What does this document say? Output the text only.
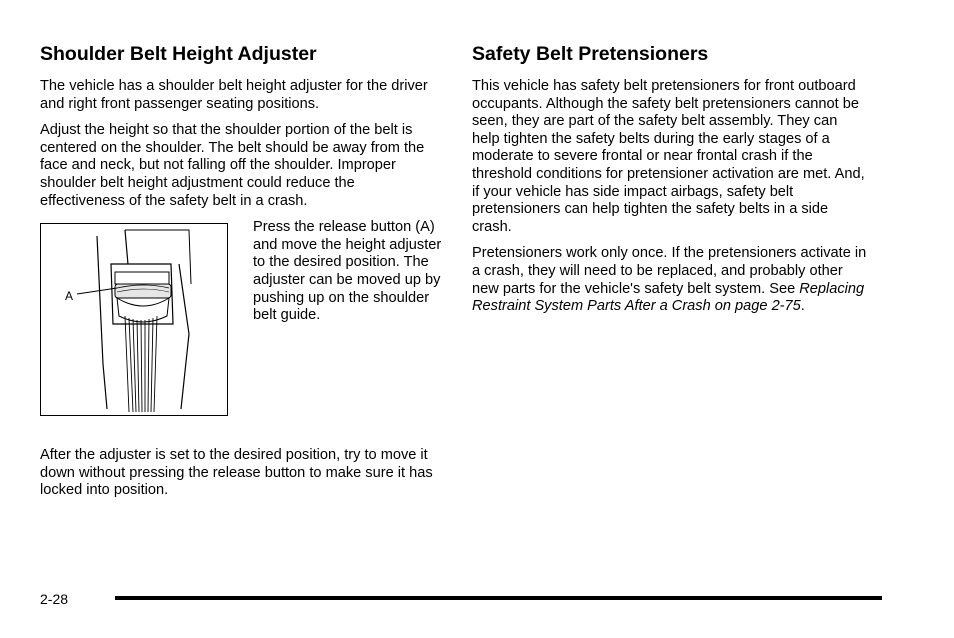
Shoulder Belt Height Adjuster

The vehicle has a shoulder belt height adjuster for the driver and right front passenger seating positions.

Adjust the height so that the shoulder portion of the belt is centered on the shoulder. The belt should be away from the face and neck, but not falling off the shoulder. Improper shoulder belt height adjustment could reduce the effectiveness of the safety belt in a crash.

A

Press the release button (A) and move the height adjuster to the desired position. The adjuster can be moved up by pushing up on the shoulder belt guide.

After the adjuster is set to the desired position, try to move it down without pressing the release button to make sure it has locked into position.

Safety Belt Pretensioners

This vehicle has safety belt pretensioners for front outboard occupants. Although the safety belt pretensioners cannot be seen, they are part of the safety belt assembly. They can help tighten the safety belts during the early stages of a moderate to severe frontal or near frontal crash if the threshold conditions for pretensioner activation are met. And, if your vehicle has side impact airbags, safety belt pretensioners can help tighten the safety belts in a side crash.

Pretensioners work only once. If the pretensioners activate in a crash, they will need to be replaced, and probably other new parts for the vehicle's safety belt system. See Replacing Restraint System Parts After a Crash on page 2-75.

2-28
